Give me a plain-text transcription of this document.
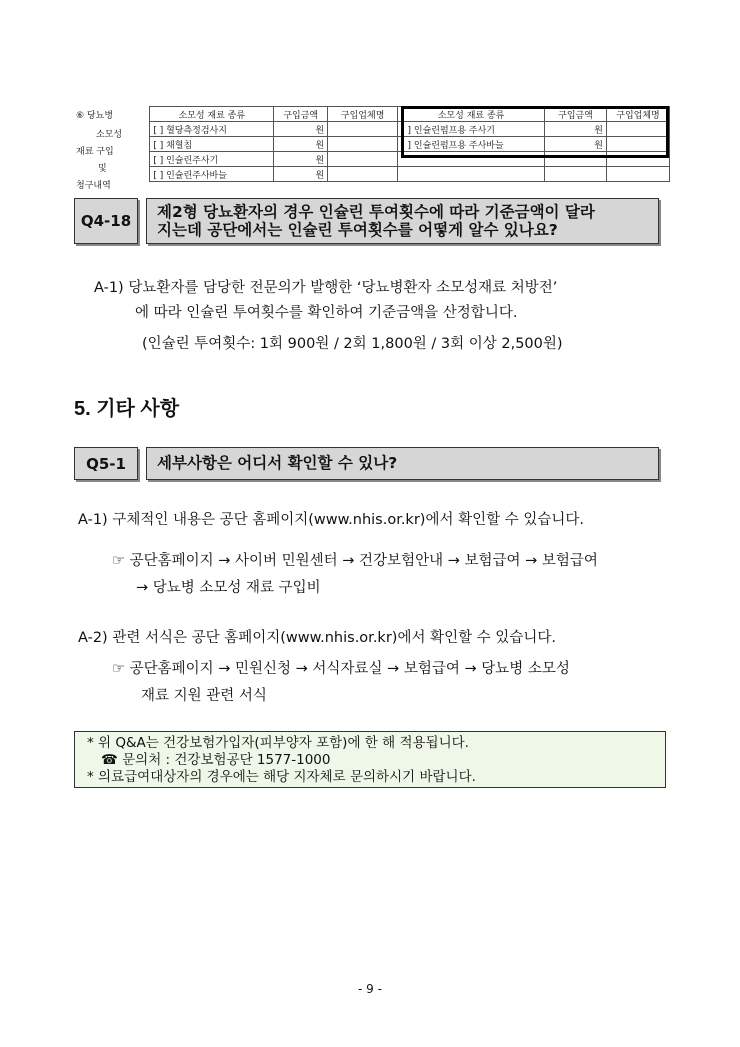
⑥ 당뇨병
소모성
재료 구입
및
청구내역
	소모성 재료 종류	구입금액	구입업체명	소모성 재료 종류	구입금액	구입업체명
	[ ] 혈당측정검사지	원		[ ] 인슐린펌프용 주사기	원	
	[ ] 채혈침	원		[ ] 인슐린펌프용 주사바늘	원	
	[ ] 인슐린주사기	원				
	[ ] 인슐린주사바늘	원				
Q4-18	제2형 당뇨환자의 경우 인슐린 투여횟수에 따라 기준금액이 달라
지는데 공단에서는 인슐린 투여횟수를 어떻게 알수 있나요?
A-1) 당뇨환자를 담당한 전문의가 발행한 ‘당뇨병환자 소모성재료 처방전’
에 따라 인슐린 투여횟수를 확인하여 기준금액을 산정합니다.
(인슐린 투여횟수: 1회 900원 / 2회 1,800원 / 3회 이상 2,500원)
5. 기타 사항
Q5-1	세부사항은 어디서 확인할 수 있나?
A-1) 구체적인 내용은 공단 홈페이지(www.nhis.or.kr)에서 확인할 수 있습니다.
☞ 공단홈페이지 → 사이버 민원센터 → 건강보험안내 → 보험급여 → 보험급여
→ 당뇨병 소모성 재료 구입비
A-2) 관련 서식은 공단 홈페이지(www.nhis.or.kr)에서 확인할 수 있습니다.
☞ 공단홈페이지 → 민원신청 → 서식자료실 → 보험급여 → 당뇨병 소모성
재료 지원 관련 서식
* 위 Q&A는 건강보험가입자(피부양자 포함)에 한 해 적용됩니다.
☎ 문의처 : 건강보험공단 1577-1000
* 의료급여대상자의 경우에는 해당 지자체로 문의하시기 바랍니다.
- 9 -
